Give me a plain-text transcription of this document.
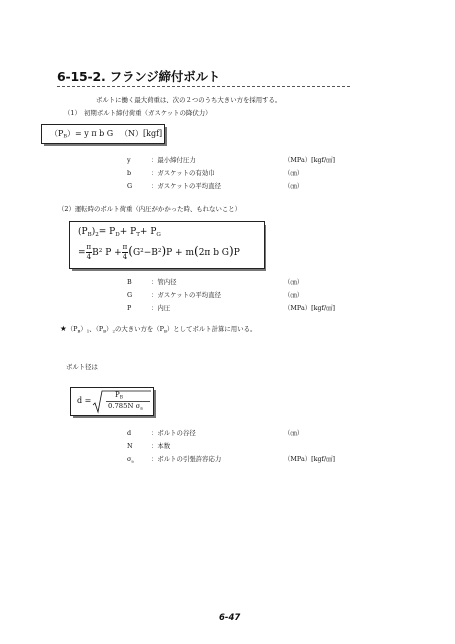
6-15-2. フランジ締付ボルト
ボルトに働く最大荷重は、次の２つのうち大きい方を採用する。
（1）　初期ボルト締付荷重（ガスケットの降伏力）
$(P_B)= y$ π b G （N）[kgf]
y	：最小締付圧力	（MPa）[kgf/㎠]
b	：ガスケットの有効巾	（㎝）
G	：ガスケットの平均直径	（㎝）
（2）運転時のボルト荷重（内圧がかかった時、もれないこと）
$(P_B)_2= P_D+ P_T+ P_G$
= $\frac{\pi}{4} B^2$ $P + \frac{\pi}{4} (G^2-B^2)P + m(2\pi$ b G)P
B	：管内径	（㎝）
G	：ガスケットの平均直径	（㎝）
P	：内圧	（MPa）[kgf/㎠]
$★(P_B)_1$、$(P_B)_2$の大きい方を$(P_B)$としてボルト計算に用いる。
ボルト径は
d =
$P_B$
0.785N $\sigma_a$
d	：ボルトの谷径	（㎝）
N	：本数
$\sigma_a$	：ボルトの引張許容応力	（MPa）[kgf/㎠]
6-47
